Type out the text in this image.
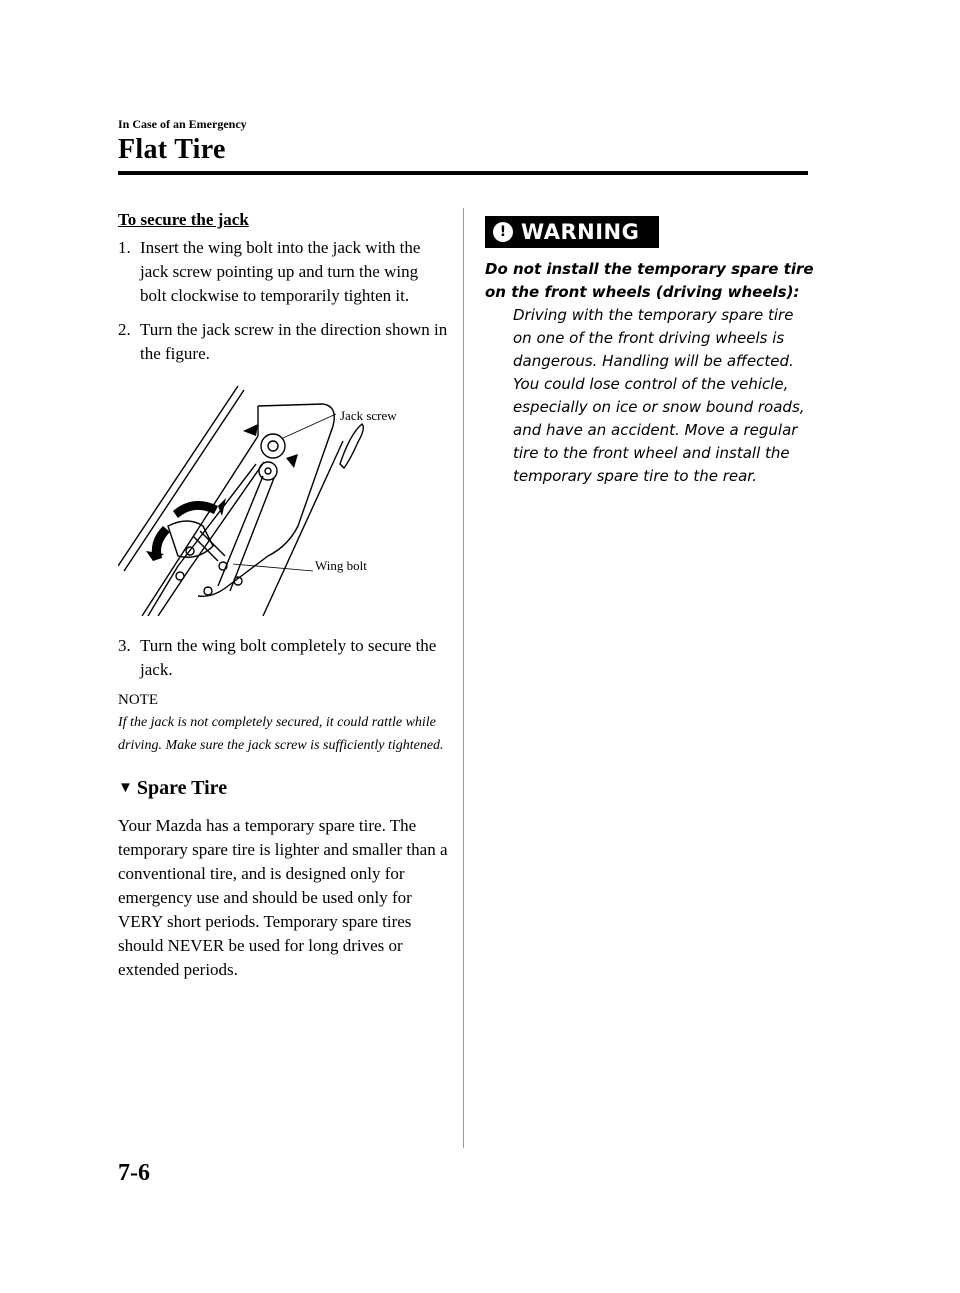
In Case of an Emergency
Flat Tire
To secure the jack
1. Insert the wing bolt into the jack with the jack screw pointing up and turn the wing bolt clockwise to temporarily tighten it.
2. Turn the jack screw in the direction shown in the figure.
Jack screw
Wing bolt
3. Turn the wing bolt completely to secure the jack.
NOTE
If the jack is not completely secured, it could rattle while driving. Make sure the jack screw is sufficiently tightened.
▼ Spare Tire
Your Mazda has a temporary spare tire. The temporary spare tire is lighter and smaller than a conventional tire, and is designed only for emergency use and should be used only for VERY short periods. Temporary spare tires should NEVER be used for long drives or extended periods.
! WARNING
Do not install the temporary spare tire on the front wheels (driving wheels):
Driving with the temporary spare tire on one of the front driving wheels is dangerous. Handling will be affected. You could lose control of the vehicle, especially on ice or snow bound roads, and have an accident. Move a regular tire to the front wheel and install the temporary spare tire to the rear.
7-6
